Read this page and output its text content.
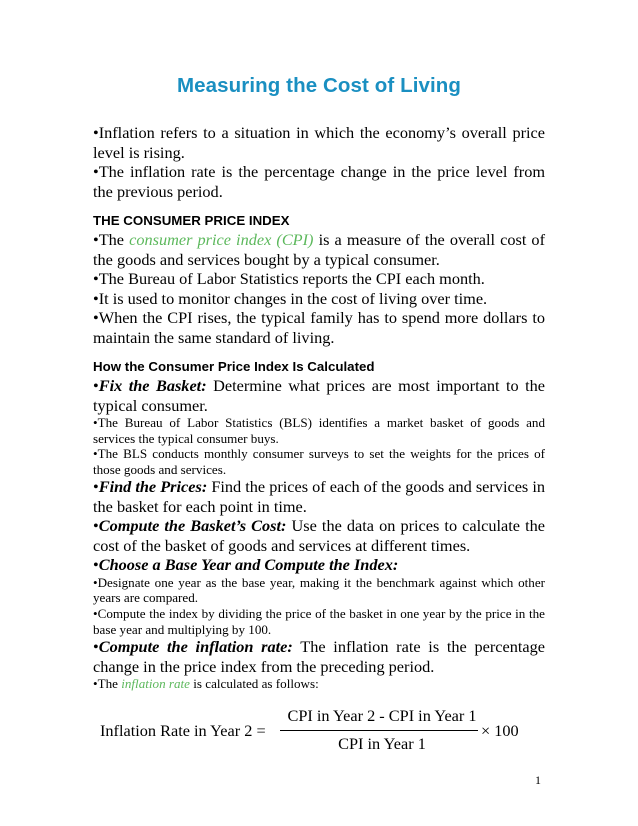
Measuring the Cost of Living

•Inflation refers to a situation in which the economy’s overall price level is rising.

•The inflation rate is the percentage change in the price level from the previous period.

THE CONSUMER PRICE INDEX

•The consumer price index (CPI) is a measure of the overall cost of the goods and services bought by a typical consumer.

•The Bureau of Labor Statistics reports the CPI each month.

•It is used to monitor changes in the cost of living over time.

•When the CPI rises, the typical family has to spend more dollars to maintain the same standard of living.

How the Consumer Price Index Is Calculated

•Fix the Basket: Determine what prices are most important to the typical consumer.

•The Bureau of Labor Statistics (BLS) identifies a market basket of goods and services the typical consumer buys.

•The BLS conducts monthly consumer surveys to set the weights for the prices of those goods and services.

•Find the Prices: Find the prices of each of the goods and services in the basket for each point in time.

•Compute the Basket’s Cost: Use the data on prices to calculate the cost of the basket of goods and services at different times.

•Choose a Base Year and Compute the Index:

•Designate one year as the base year, making it the benchmark against which other years are compared.

•Compute the index by dividing the price of the basket in one year by the price in the base year and multiplying by 100.

•Compute the inflation rate: The inflation rate is the percentage change in the price index from the preceding period.

•The inflation rate is calculated as follows:

Inflation Rate in Year 2 =
CPI in Year 2 - CPI in Year 1
CPI in Year 1
× 100
1
